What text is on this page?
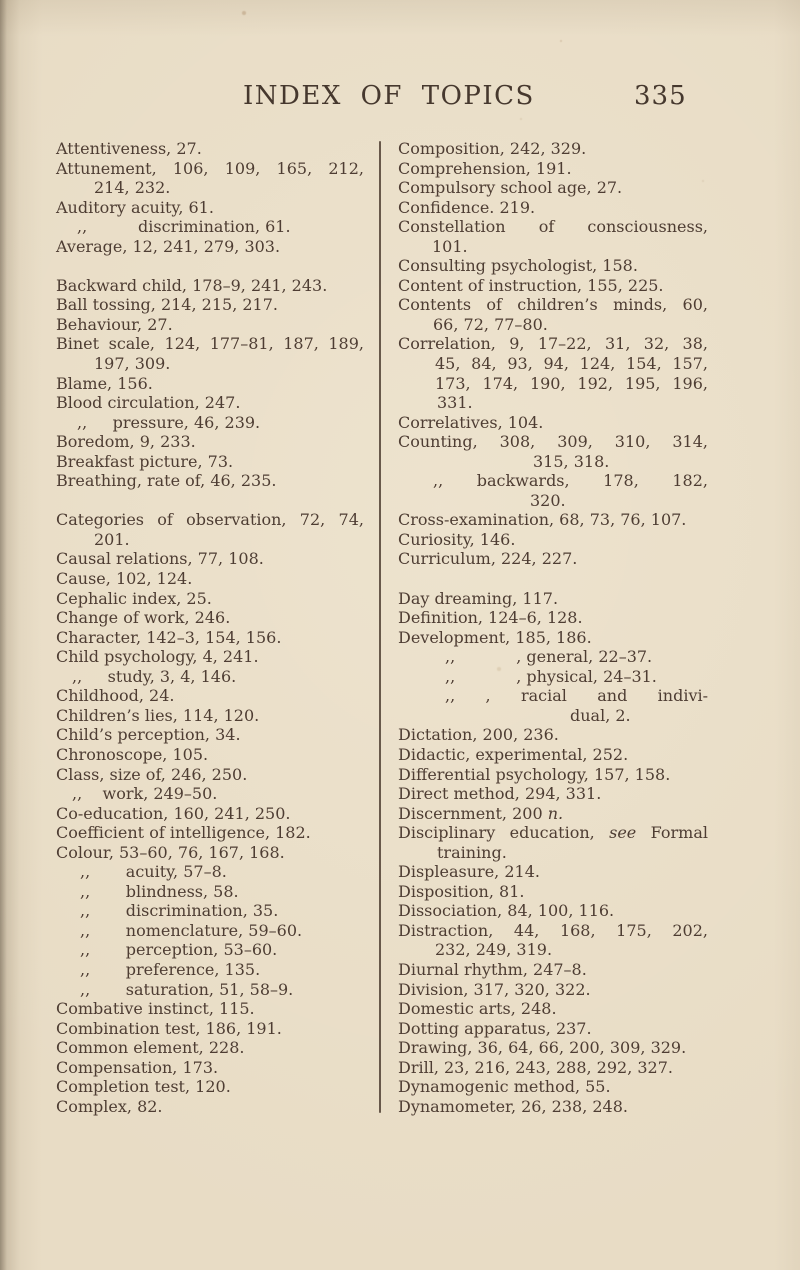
INDEX OF TOPICS	335
Attentiveness, 27.
Attunement, 106, 109, 165, 212,
214, 232.
Auditory acuity, 61.
,,          discrimination, 61.
Average, 12, 241, 279, 303.

Backward child, 178–9, 241, 243.
Ball tossing, 214, 215, 217.
Behaviour, 27.
Binet scale, 124, 177–81, 187, 189,
197, 309.
Blame, 156.
Blood circulation, 247.
,,     pressure, 46, 239.
Boredom, 9, 233.
Breakfast picture, 73.
Breathing, rate of, 46, 235.

Categories of observation, 72, 74,
201.
Causal relations, 77, 108.
Cause, 102, 124.
Cephalic index, 25.
Change of work, 246.
Character, 142–3, 154, 156.
Child psychology, 4, 241.
,,     study, 3, 4, 146.
Childhood, 24.
Children’s lies, 114, 120.
Child’s perception, 34.
Chronoscope, 105.
Class, size of, 246, 250.
,,    work, 249–50.
Co-education, 160, 241, 250.
Coefficient of intelligence, 182.
Colour, 53–60, 76, 167, 168.
,,       acuity, 57–8.
,,       blindness, 58.
,,       discrimination, 35.
,,       nomenclature, 59–60.
,,       perception, 53–60.
,,       preference, 135.
,,       saturation, 51, 58–9.
Combative instinct, 115.
Combination test, 186, 191.
Common element, 228.
Compensation, 173.
Completion test, 120.
Complex, 82.
Composition, 242, 329.
Comprehension, 191.
Compulsory school age, 27.
Confidence. 219.
Constellation of consciousness,
101.
Consulting psychologist, 158.
Content of instruction, 155, 225.
Contents of children’s minds, 60,
66, 72, 77–80.
Correlation, 9, 17–22, 31, 32, 38,
45, 84, 93, 94, 124, 154, 157,
173, 174, 190, 192, 195, 196,
331.
Correlatives, 104.
Counting, 308, 309, 310, 314,
315, 318.
,, backwards, 178, 182,
320.
Cross-examination, 68, 73, 76, 107.
Curiosity, 146.
Curriculum, 224, 227.

Day dreaming, 117.
Definition, 124–6, 128.
Development, 185, 186.
,,            , general, 22–37.
,,            , physical, 24–31.
,, , racial and indivi-
dual, 2.
Dictation, 200, 236.
Didactic, experimental, 252.
Differential psychology, 157, 158.
Direct method, 294, 331.
Discernment, 200 n.
Disciplinary education, see Formal
training.
Displeasure, 214.
Disposition, 81.
Dissociation, 84, 100, 116.
Distraction, 44, 168, 175, 202,
232, 249, 319.
Diurnal rhythm, 247–8.
Division, 317, 320, 322.
Domestic arts, 248.
Dotting apparatus, 237.
Drawing, 36, 64, 66, 200, 309, 329.
Drill, 23, 216, 243, 288, 292, 327.
Dynamogenic method, 55.
Dynamometer, 26, 238, 248.
